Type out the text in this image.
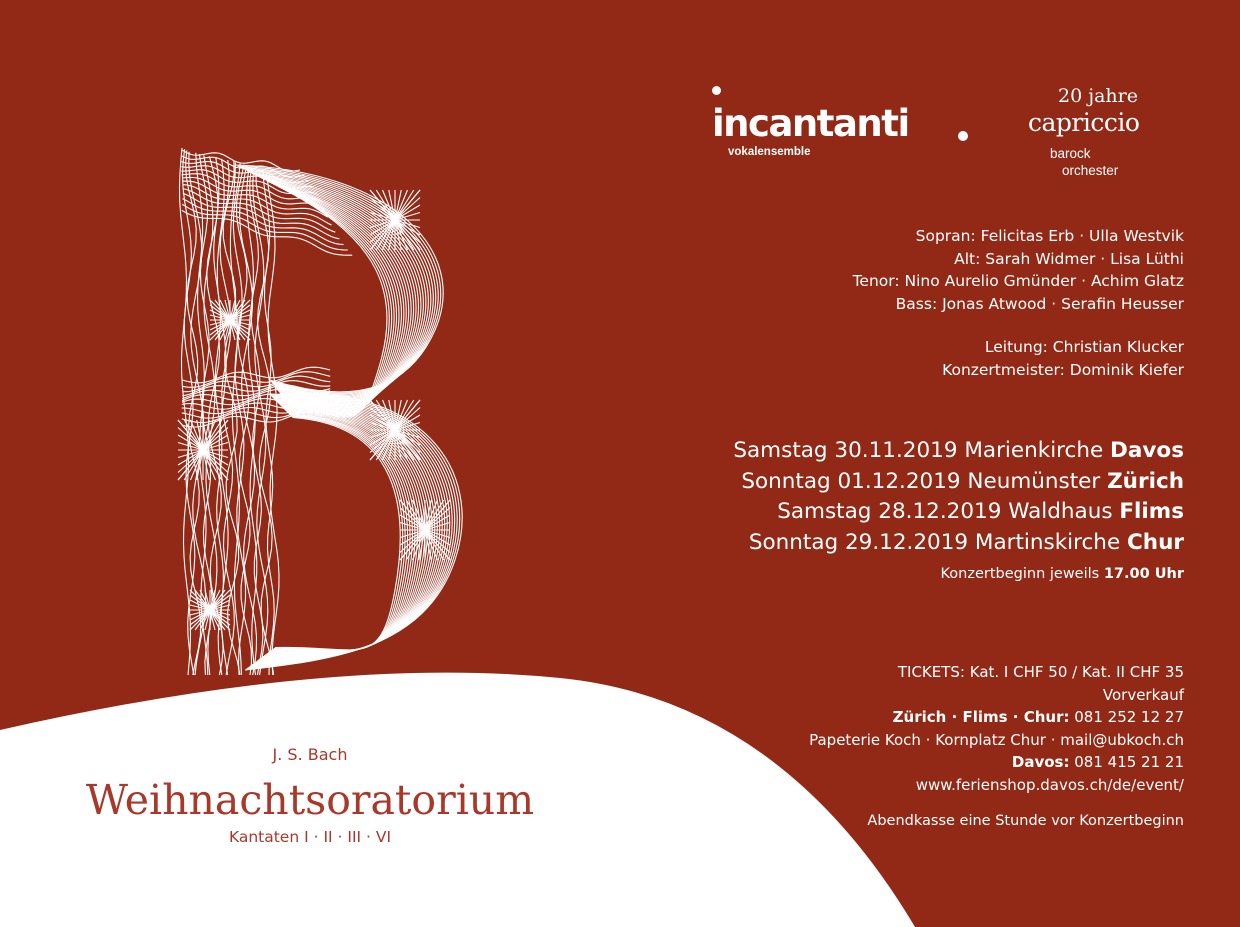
incantanti
vokalensemble
20 jahre
capriccio
barock
orchester
Sopran: Felicitas Erb · Ulla Westvik
Alt: Sarah Widmer · Lisa Lüthi
Tenor: Nino Aurelio Gmünder · Achim Glatz
Bass: Jonas Atwood · Serafin Heusser
Leitung: Christian Klucker
Konzertmeister: Dominik Kiefer
Samstag 30.11.2019 Marienkirche Davos
Sonntag 01.12.2019 Neumünster Zürich
Samstag 28.12.2019 Waldhaus Flims
Sonntag 29.12.2019 Martinskirche Chur
Konzertbeginn jeweils 17.00 Uhr
TICKETS: Kat. I CHF 50 / Kat. II CHF 35
Vorverkauf
Zürich · Flims · Chur: 081 252 12 27
Papeterie Koch · Kornplatz Chur · mail@ubkoch.ch
Davos: 081 415 21 21
www.ferienshop.davos.ch/de/event/
Abendkasse eine Stunde vor Konzertbeginn
J. S. Bach
Weihnachtsoratorium
Kantaten I · II · III · VI
